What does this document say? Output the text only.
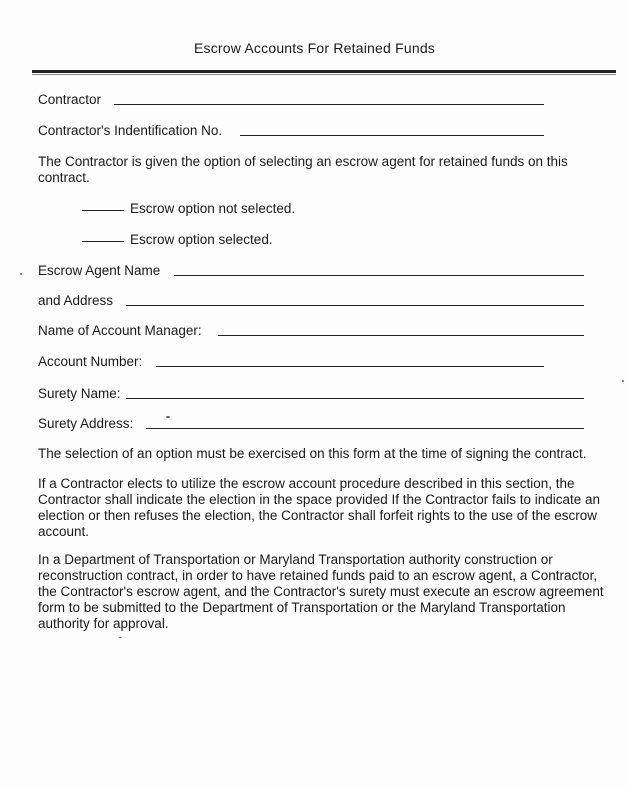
Escrow Accounts For Retained Funds
Contractor
Contractor's Indentification No.
The Contractor is given the option of selecting an escrow agent for retained funds on this contract.
Escrow option not selected.
Escrow option selected.
Escrow Agent Name
and Address
Name of Account Manager:
Account Number:
Surety Name:
Surety Address:
The selection of an option must be exercised on this form at the time of signing the contract.
If a Contractor elects to utilize the escrow account procedure described in this section, the Contractor shall indicate the election in the space provided If the Contractor fails to indicate an election or then refuses the election, the Contractor shall forfeit rights to the use of the escrow account.
In a Department of Transportation or Maryland Transportation authority construction or reconstruction contract, in order to have retained funds paid to an escrow agent, a Contractor, the Contractor's escrow agent, and the Contractor's surety must execute an escrow agreement form to be submitted to the Department of Transportation or the Maryland Transportation authority for approval.
